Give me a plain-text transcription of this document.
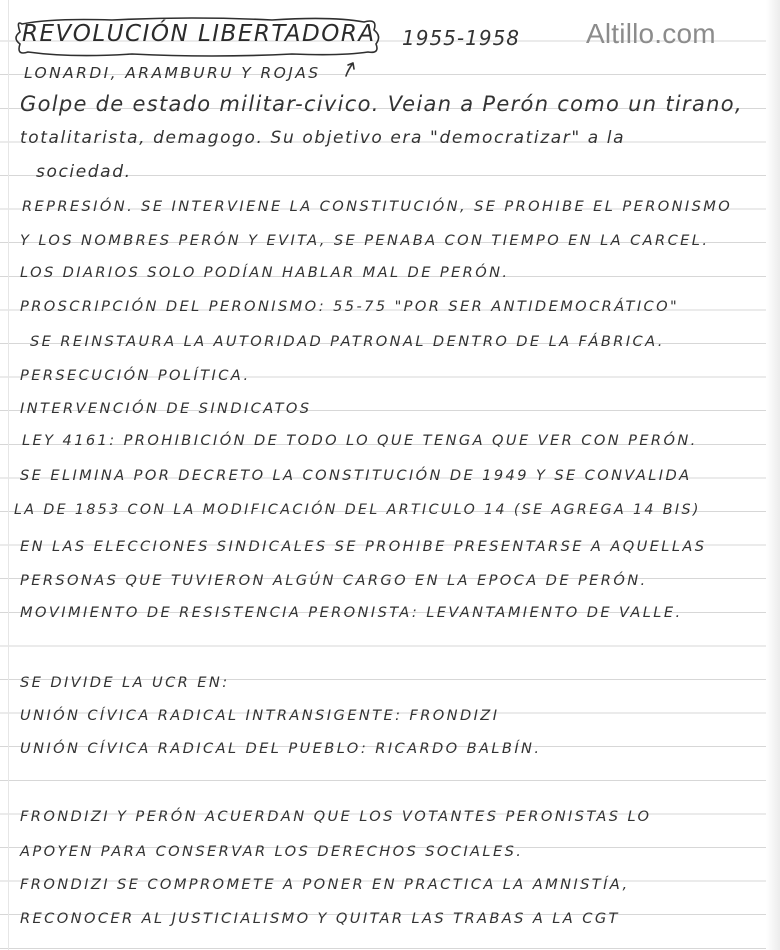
REVOLUCIÓN LIBERTADORA 1955-1958 Altillo.com
LONARDI, ARAMBURU Y ROJAS
Golpe de estado militar-civico. Veian a Perón como un tirano,
totalitarista, demagogo. Su objetivo era "democratizar" a la
sociedad.
REPRESIÓN. SE INTERVIENE LA CONSTITUCIÓN, SE PROHIBE EL PERONISMO
Y LOS NOMBRES PERÓN Y EVITA, SE PENABA CON TIEMPO EN LA CARCEL.
LOS DIARIOS SOLO PODÍAN HABLAR MAL DE PERÓN.
PROSCRIPCIÓN DEL PERONISMO: 55-75 "POR SER ANTIDEMOCRÁTICO"
SE REINSTAURA LA AUTORIDAD PATRONAL DENTRO DE LA FÁBRICA.
PERSECUCIÓN POLÍTICA.
INTERVENCIÓN DE SINDICATOS
LEY 4161: PROHIBICIÓN DE TODO LO QUE TENGA QUE VER CON PERÓN.
SE ELIMINA POR DECRETO LA CONSTITUCIÓN DE 1949 Y SE CONVALIDA
LA DE 1853 CON LA MODIFICACIÓN DEL ARTICULO 14 (SE AGREGA 14 BIS)
EN LAS ELECCIONES SINDICALES SE PROHIBE PRESENTARSE A AQUELLAS
PERSONAS QUE TUVIERON ALGÚN CARGO EN LA EPOCA DE PERÓN.
MOVIMIENTO DE RESISTENCIA PERONISTA: LEVANTAMIENTO DE VALLE.
SE DIVIDE LA UCR EN:
UNIÓN CÍVICA RADICAL INTRANSIGENTE: FRONDIZI
UNIÓN CÍVICA RADICAL DEL PUEBLO: RICARDO BALBÍN.
FRONDIZI Y PERÓN ACUERDAN QUE LOS VOTANTES PERONISTAS LO
APOYEN PARA CONSERVAR LOS DERECHOS SOCIALES.
FRONDIZI SE COMPROMETE A PONER EN PRACTICA LA AMNISTÍA,
RECONOCER AL JUSTICIALISMO Y QUITAR LAS TRABAS A LA CGT
